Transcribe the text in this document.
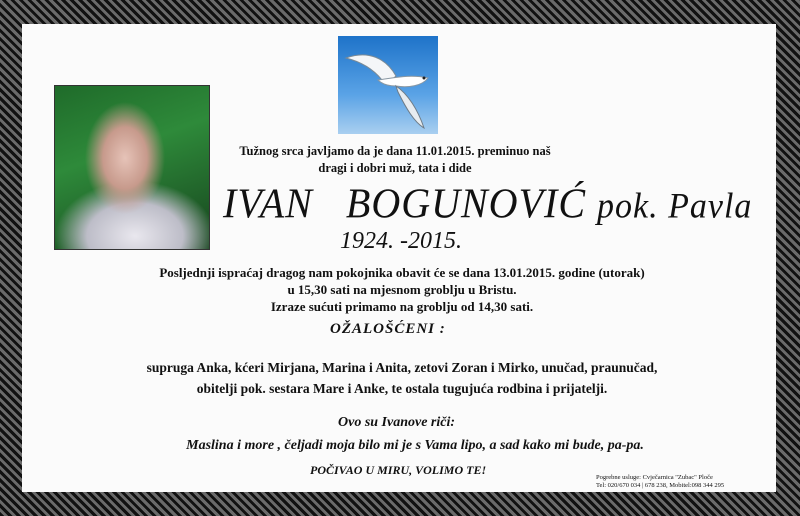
Tužnog srca javljamo da je dana 11.01.2015. preminuo naš
dragi i dobri muž, tata i dide
IVAN BOGUNOVIĆ pok. Pavla
1924. -2015.
Posljednji ispraćaj dragog nam pokojnika obavit će se dana 13.01.2015. godine (utorak)
u 15,30 sati na mjesnom groblju u Bristu.
Izraze sućuti primamo na groblju od 14,30 sati.
OŽALOŠĆENI :
supruga Anka, kćeri Mirjana, Marina i Anita, zetovi Zoran i Mirko, unučad, praunučad,
obitelji pok. sestara Mare i Anke, te ostala tugujuća rodbina i prijatelji.
Ovo su Ivanove riči:
Maslina i more , čeljadi moja bilo mi je s Vama lipo, a sad kako mi bude, pa-pa.
POČIVAO U MIRU, VOLIMO TE!
Pogrebne usluge: Cvječarnica "Zubac" Ploče
Tel: 020/670 034 | 678 238, Mobitel:098 344 295
